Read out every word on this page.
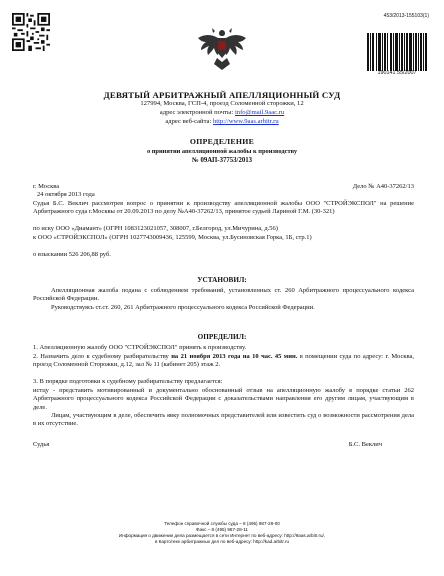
453/2013-155103(1)
190141 55/2007
ДЕВЯТЫЙ АРБИТРАЖНЫЙ АПЕЛЛЯЦИОННЫЙ СУД
127994, Москва, ГСП-4, проезд Соломенной сторожки, 12
адрес электронной почты: info@mail.9aac.ru
адрес веб-сайта: http://www.9aas.arbitr.ru
ОПРЕДЕЛЕНИЕ
о принятии апелляционной жалобы к производству
№ 09АП-37753/2013
г. Москва	Дело № А40-37262/13
24 октября 2013 года
Судья Б.С. Веклич рассмотрев вопрос о принятии к производству апелляционной жалобы ООО "СТРОЙЭКСПОЛ" на решение Арбитражного суда г.Москвы от 20.09.2013 по делу №А40-37262/13, принятое судьей Лариной Г.М. (30-321)
по иску ООО «Диамант» (ОГРН 1083123021057, 308007, г.Белгород, ул.Мичурина, д.56)
к ООО «СТРОЙЭКСПОЛ» (ОГРН 1027743009436, 125599, Москва, ул.Бусиновская Горка, 1Б, стр.1)
о взыскании 526 206,88 руб.
УСТАНОВИЛ:
Апелляционная жалоба подана с соблюдением требований, установленных ст. 260 Арбитражного процессуального кодекса Российской Федерации.
Руководствуясь ст.ст. 260, 261 Арбитражного процессуального кодекса Российской Федерации.
ОПРЕДЕЛИЛ:
1. Апелляционную жалобу ООО "СТРОЙЭКСПОЛ" принять к производству.
2. Назначить дело к судебному разбирательству на 21 ноября 2013 года на 10 час. 45 мин. в помещении суда по адресу: г. Москва, проезд Соломенной Сторожки, д.12, зал № 11 (кабинет 205) этаж 2.
3. В порядке подготовки к судебному разбирательству предлагается:
истцу - представить мотивированный и документально обоснованный отзыв на апелляционную жалобу в порядке статьи 262 Арбитражного процессуального кодекса Российской Федерации с доказательствами направления его другим лицам, участвующим в деле.
Лицам, участвующим в деле, обеспечить явку полномочных представителей или известить суд о возможности рассмотрения дела в их отсутствие.
Судья	Б.С. Веклич
Телефон справочной службы суда – 8 (495) 987-28-00
Факс – 8 (495) 987-28-11
Информация о движении дела размещается в сети Интернет по веб-адресу: http://9aas.arbitr.ru/,
в Картотеке арбитражных дел по веб-адресу: http://kad.arbitr.ru
